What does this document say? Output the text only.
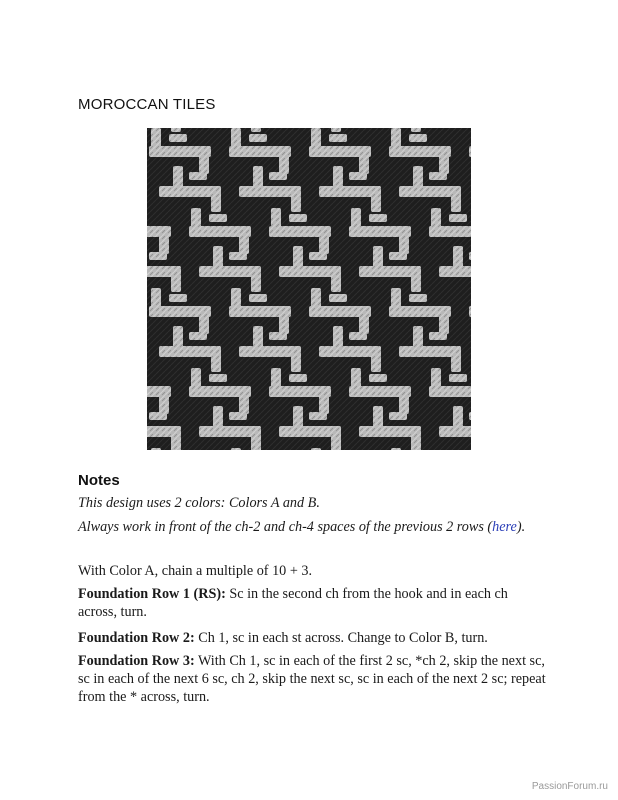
MOROCCAN TILES
Notes
This design uses 2 colors: Colors A and B.
Always work in front of the ch-2 and ch-4 spaces of the previous 2 rows (here).
With Color A, chain a multiple of 10 + 3.
Foundation Row 1 (RS): Sc in the second ch from the hook and in each ch across, turn.
Foundation Row 2: Ch 1, sc in each st across. Change to Color B, turn.
Foundation Row 3: With Ch 1, sc in each of the first 2 sc, *ch 2, skip the next sc, sc in each of the next 6 sc, ch 2, skip the next sc, sc in each of the next 2 sc; repeat from the * across, turn.
PassionForum.ru
